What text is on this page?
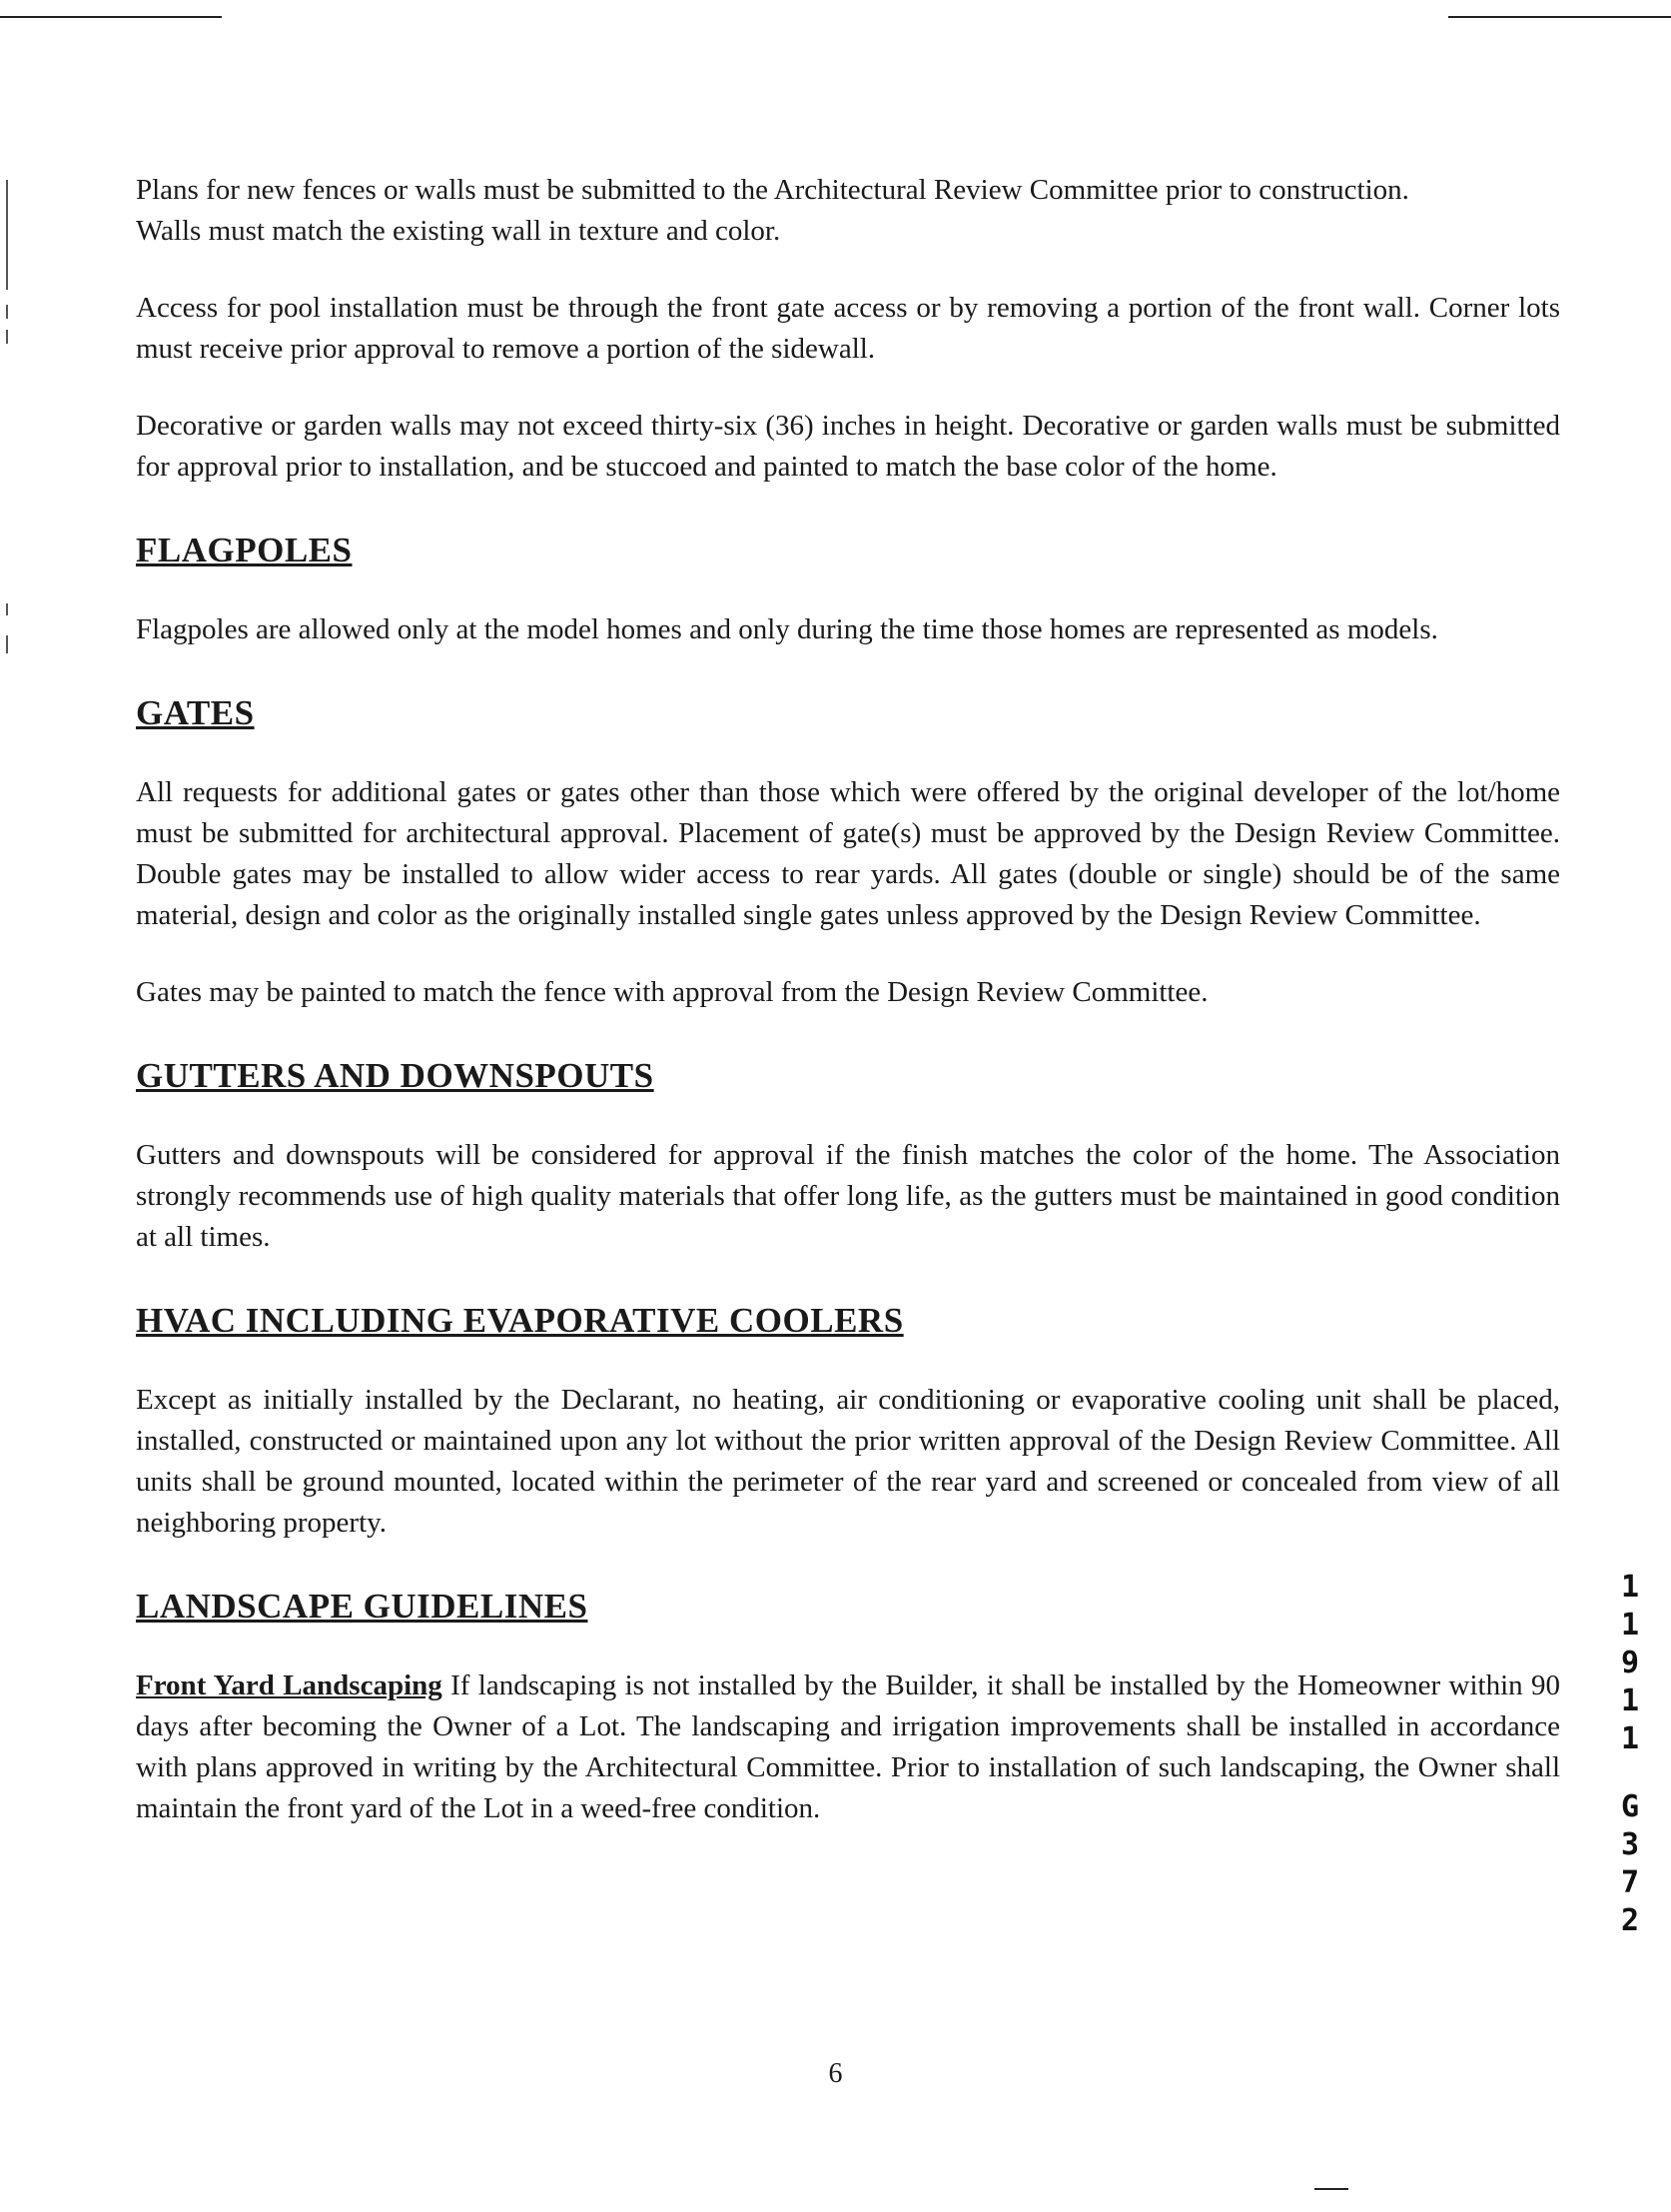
Plans for new fences or walls must be submitted to the Architectural Review Committee prior to construction.

Walls must match the existing wall in texture and color.

Access for pool installation must be through the front gate access or by removing a portion of the front wall. Corner lots must receive prior approval to remove a portion of the sidewall.

Decorative or garden walls may not exceed thirty-six (36) inches in height. Decorative or garden walls must be submitted for approval prior to installation, and be stuccoed and painted to match the base color of the home.

FLAGPOLES

Flagpoles are allowed only at the model homes and only during the time those homes are represented as models.

GATES

All requests for additional gates or gates other than those which were offered by the original developer of the lot/home must be submitted for architectural approval. Placement of gate(s) must be approved by the Design Review Committee. Double gates may be installed to allow wider access to rear yards. All gates (double or single) should be of the same material, design and color as the originally installed single gates unless approved by the Design Review Committee.

Gates may be painted to match the fence with approval from the Design Review Committee.

GUTTERS AND DOWNSPOUTS

Gutters and downspouts will be considered for approval if the finish matches the color of the home. The Association strongly recommends use of high quality materials that offer long life, as the gutters must be maintained in good condition at all times.

HVAC INCLUDING EVAPORATIVE COOLERS

Except as initially installed by the Declarant, no heating, air conditioning or evaporative cooling unit shall be placed, installed, constructed or maintained upon any lot without the prior written approval of the Design Review Committee. All units shall be ground mounted, located within the perimeter of the rear yard and screened or concealed from view of all neighboring property.

LANDSCAPE GUIDELINES

Front Yard Landscaping If landscaping is not installed by the Builder, it shall be installed by the Homeowner within 90 days after becoming the Owner of a Lot. The landscaping and irrigation improvements shall be installed in accordance with plans approved in writing by the Architectural Committee. Prior to installation of such landscaping, the Owner shall maintain the front yard of the Lot in a weed-free condition.

1
1
9
1
1
G
3
7
2
6
